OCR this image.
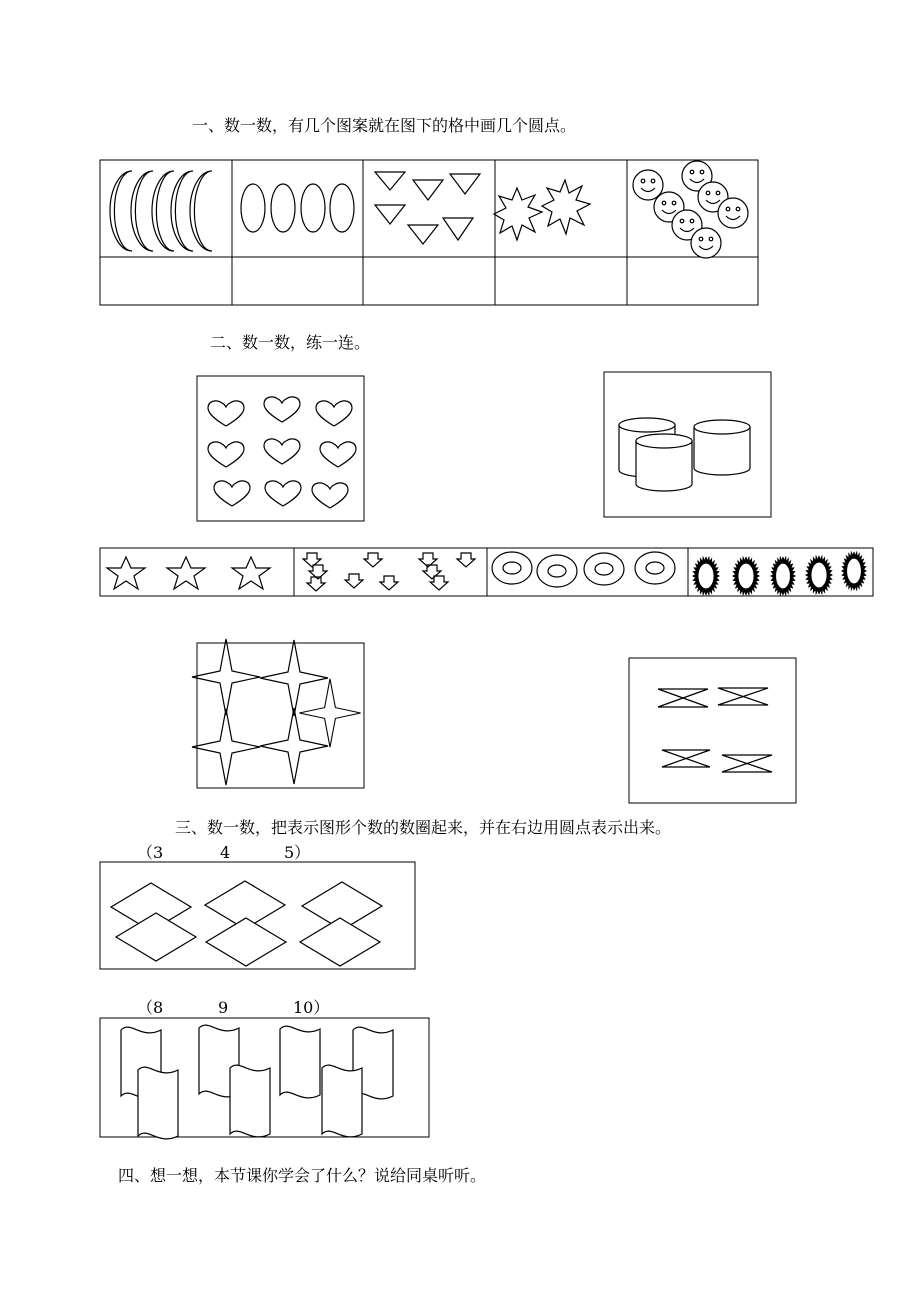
一、数一数，有几个图案就在图下的格中画几个圆点。
二、数一数，练一连。
三、数一数，把表示图形个数的数圈起来，并在右边用圆点表示出来。
（3	4	5）
（8	9	10）
四、想一想，本节课你学会了什么？说给同桌听听。
